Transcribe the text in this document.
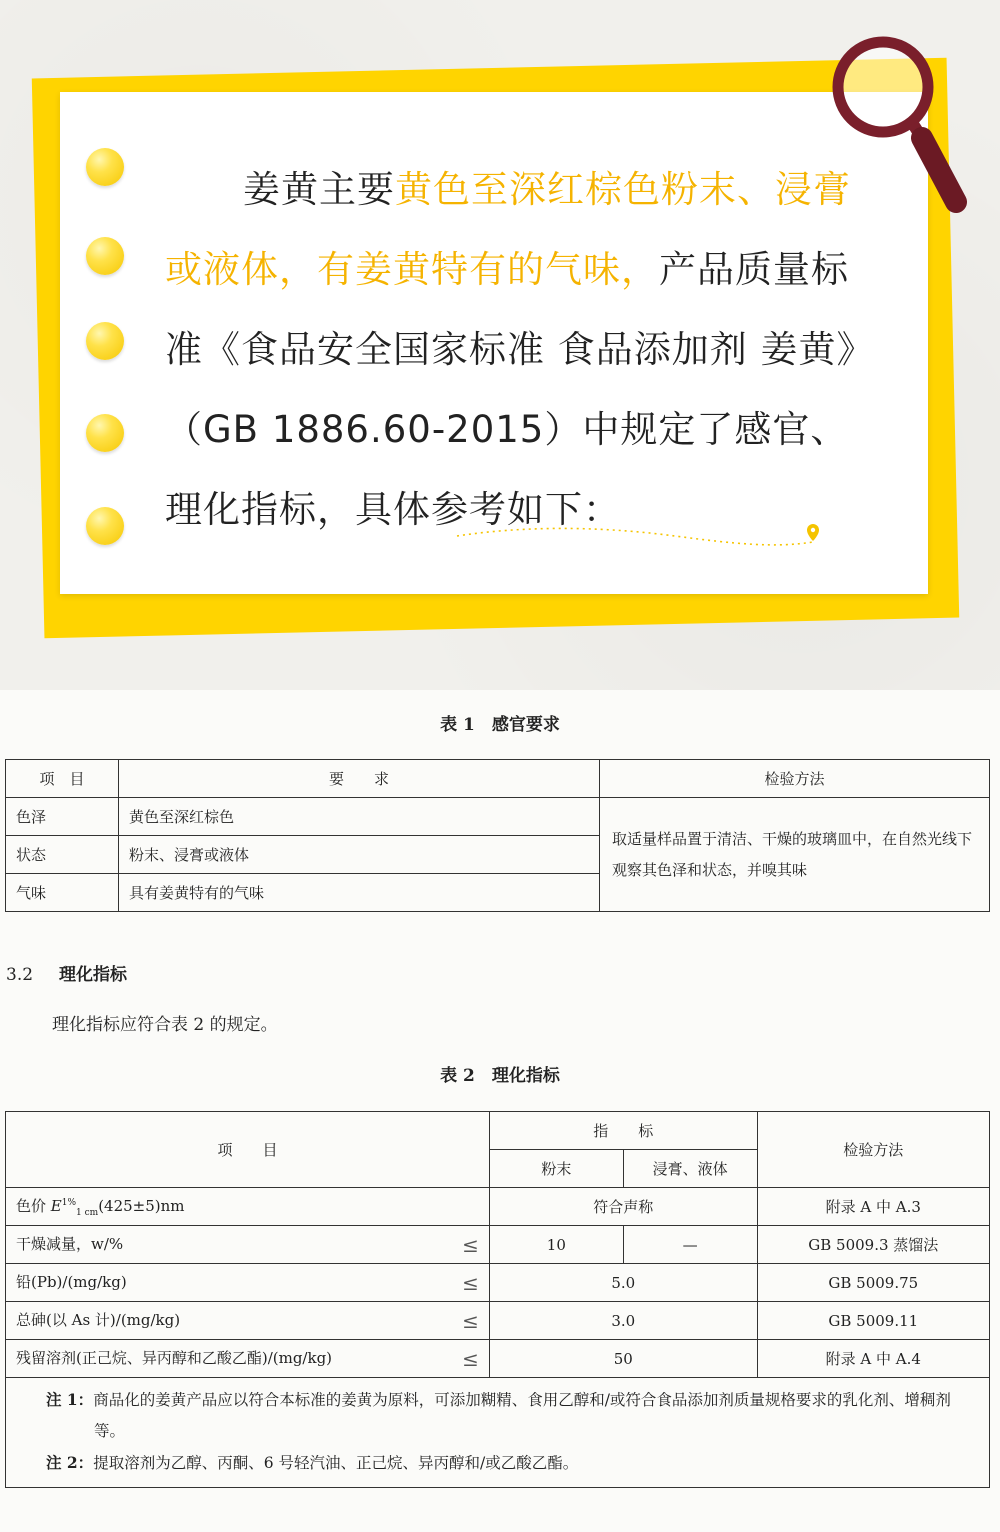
姜黄主要黄色至深红棕色粉末、浸膏或液体，有姜黄特有的气味，产品质量标准《食品安全国家标准 食品添加剂 姜黄》（GB 1886.60-2015）中规定了感官、理化指标，具体参考如下：
表 1　感官要求
项　目	要　　求	检验方法
色泽	黄色至深红棕色	取适量样品置于清洁、干燥的玻璃皿中，在自然光线下观察其色泽和状态，并嗅其味
状态	粉末、浸膏或液体	
气味	具有姜黄特有的气味	
3.2 理化指标
理化指标应符合表 2 的规定。
表 2　理化指标
项　　目	指　　标		检验方法
	粉末	浸膏、液体	
色价 $E^{1\%}_{1 cm}(425\pm 5)nm$	符合声称		附录 A 中 A.3
干燥减量，w/% ≤	10	—	GB 5009.3 蒸馏法
铅(Pb)/(mg/kg) ≤	5.0		GB 5009.75
总砷(以 As 计)/(mg/kg) ≤	3.0		GB 5009.11
残留溶剂(正己烷、异丙醇和乙酸乙酯)/(mg/kg) ≤	50		附录 A 中 A.4

注 1：商品化的姜黄产品应以符合本标准的姜黄为原料，可添加糊精、食用乙醇和/或符合食品添加剂质量规格要求的乳化剂、增稠剂等。
注 2：提取溶剂为乙醇、丙酮、6 号轻汽油、正己烷、异丙醇和/或乙酸乙酯。			
